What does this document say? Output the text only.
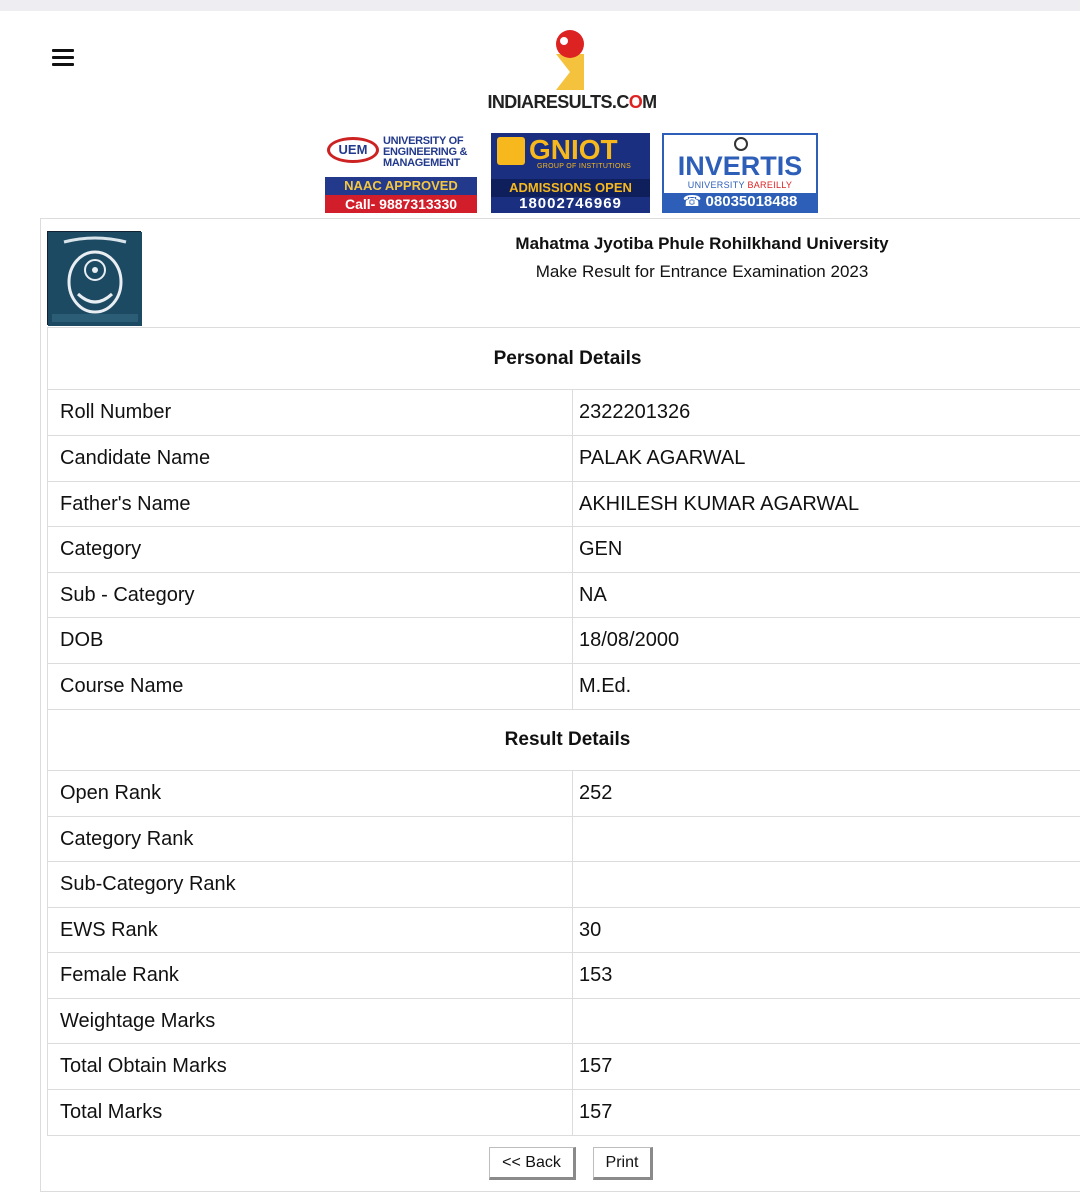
INDIARESULTS.COM
UEM
UNIVERSITY OF
ENGINEERING &
MANAGEMENT
NAAC APPROVED
Call- 9887313330
GNIOT
GROUP OF INSTITUTIONS
ADMISSIONS OPEN
18002746969
INVERTIS
UNIVERSITY BAREILLY
☎ 08035018488
Mahatma Jyotiba Phule Rohilkhand University
Make Result for Entrance Examination 2023
Personal Details	
Roll Number	2322201326
Candidate Name	PALAK AGARWAL
Father's Name	AKHILESH KUMAR AGARWAL
Category	GEN
Sub - Category	NA
DOB	18/08/2000
Course Name	M.Ed.
Result Details	
Open Rank	252
Category Rank	
Sub-Category Rank	
EWS Rank	30
Female Rank	153
Weightage Marks	
Total Obtain Marks	157
Total Marks	157
<< Back	Print
